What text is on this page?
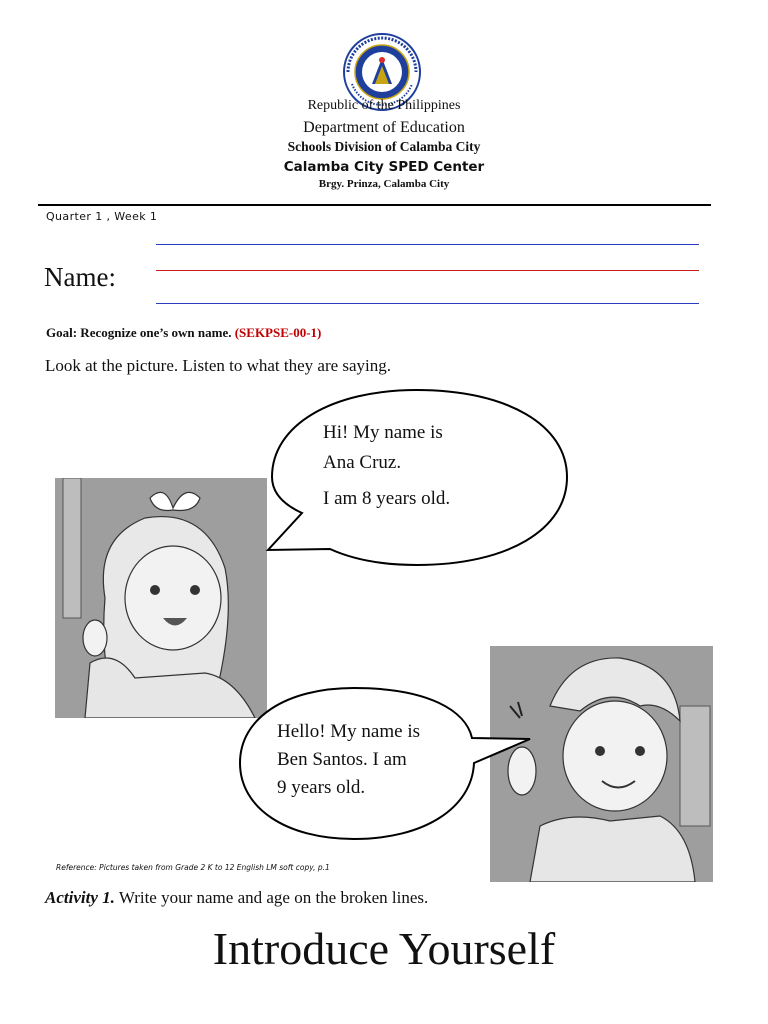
Republic of the Philippines
Department of Education
Schools Division of Calamba City
Calamba City SPED Center
Brgy. Prinza, Calamba City
Quarter 1 , Week 1
Name:
Goal: Recognize one’s own name. (SEKPSE-00-1)
Look at the picture. Listen to what they are saying.
Hi! My name is
Ana Cruz.
I am 8 years old.
Hello! My name is
Ben Santos. I am
9 years old.
Reference: Pictures taken from Grade 2 K to 12 English LM soft copy, p.1
Activity 1. Write your name and age on the broken lines.
Introduce Yourself
